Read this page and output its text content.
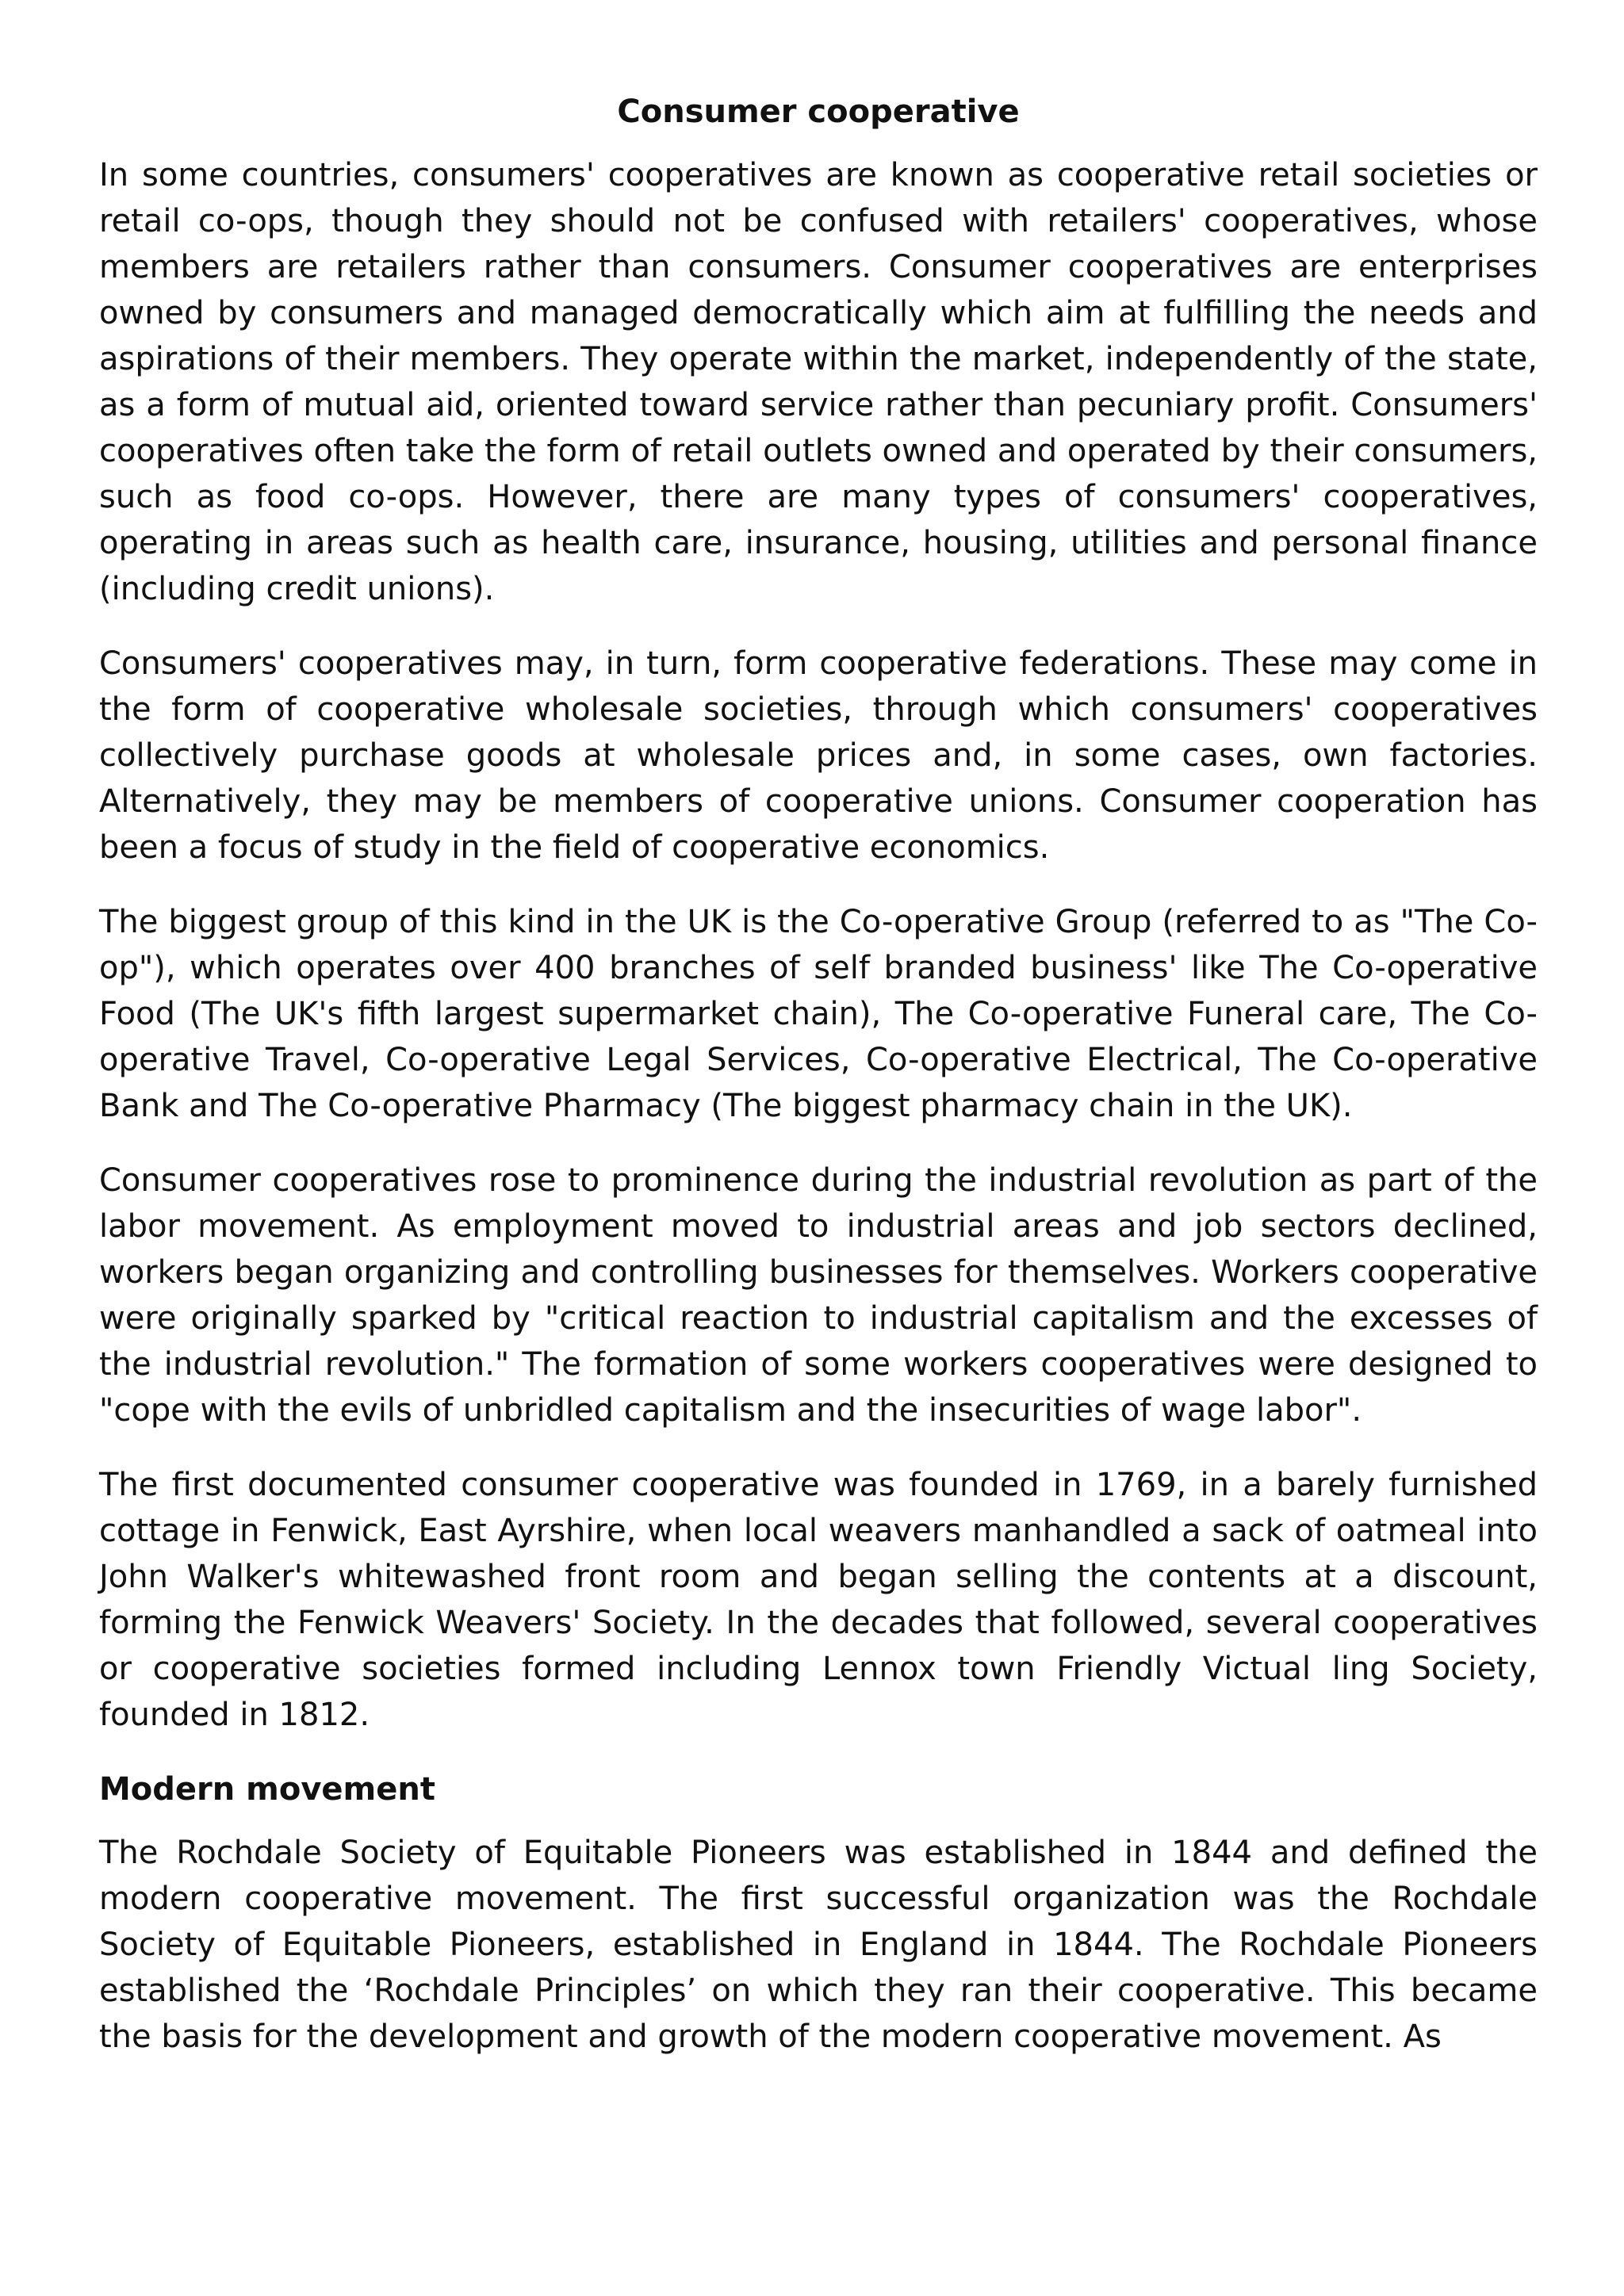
Consumer cooperative

In some countries, consumers' cooperatives are known as cooperative retail societies or retail co-ops, though they should not be confused with retailers' cooperatives, whose members are retailers rather than consumers. Consumer cooperatives are enterprises owned by consumers and managed democratically which aim at fulfilling the needs and aspirations of their members. They operate within the market, independently of the state, as a form of mutual aid, oriented toward service rather than pecuniary profit. Consumers' cooperatives often take the form of retail outlets owned and operated by their consumers, such as food co-ops. However, there are many types of consumers' cooperatives, operating in areas such as health care, insurance, housing, utilities and personal finance (including credit unions).

Consumers' cooperatives may, in turn, form cooperative federations. These may come in the form of cooperative wholesale societies, through which consumers' cooperatives collectively purchase goods at wholesale prices and, in some cases, own factories. Alternatively, they may be members of cooperative unions. Consumer cooperation has been a focus of study in the field of cooperative economics.

The biggest group of this kind in the UK is the Co-operative Group (referred to as "The Co-op"), which operates over 400 branches of self branded business' like The Co-operative Food (The UK's fifth largest supermarket chain), The Co-operative Funeral care, The Co-operative Travel, Co-operative Legal Services, Co-operative Electrical, The Co-operative Bank and The Co-operative Pharmacy (The biggest pharmacy chain in the UK).

Consumer cooperatives rose to prominence during the industrial revolution as part of the labor movement. As employment moved to industrial areas and job sectors declined, workers began organizing and controlling businesses for themselves. Workers cooperative were originally sparked by "critical reaction to industrial capitalism and the excesses of the industrial revolution." The formation of some workers cooperatives were designed to "cope with the evils of unbridled capitalism and the insecurities of wage labor".

The first documented consumer cooperative was founded in 1769, in a barely furnished cottage in Fenwick, East Ayrshire, when local weavers manhandled a sack of oatmeal into John Walker's whitewashed front room and began selling the contents at a discount, forming the Fenwick Weavers' Society. In the decades that followed, several cooperatives or cooperative societies formed including Lennox town Friendly Victual ling Society, founded in 1812.

Modern movement

The Rochdale Society of Equitable Pioneers was established in 1844 and defined the modern cooperative movement. The first successful organization was the Rochdale Society of Equitable Pioneers, established in England in 1844. The Rochdale Pioneers established the ‘Rochdale Principles’ on which they ran their cooperative. This became the basis for the development and growth of the modern cooperative movement. As
